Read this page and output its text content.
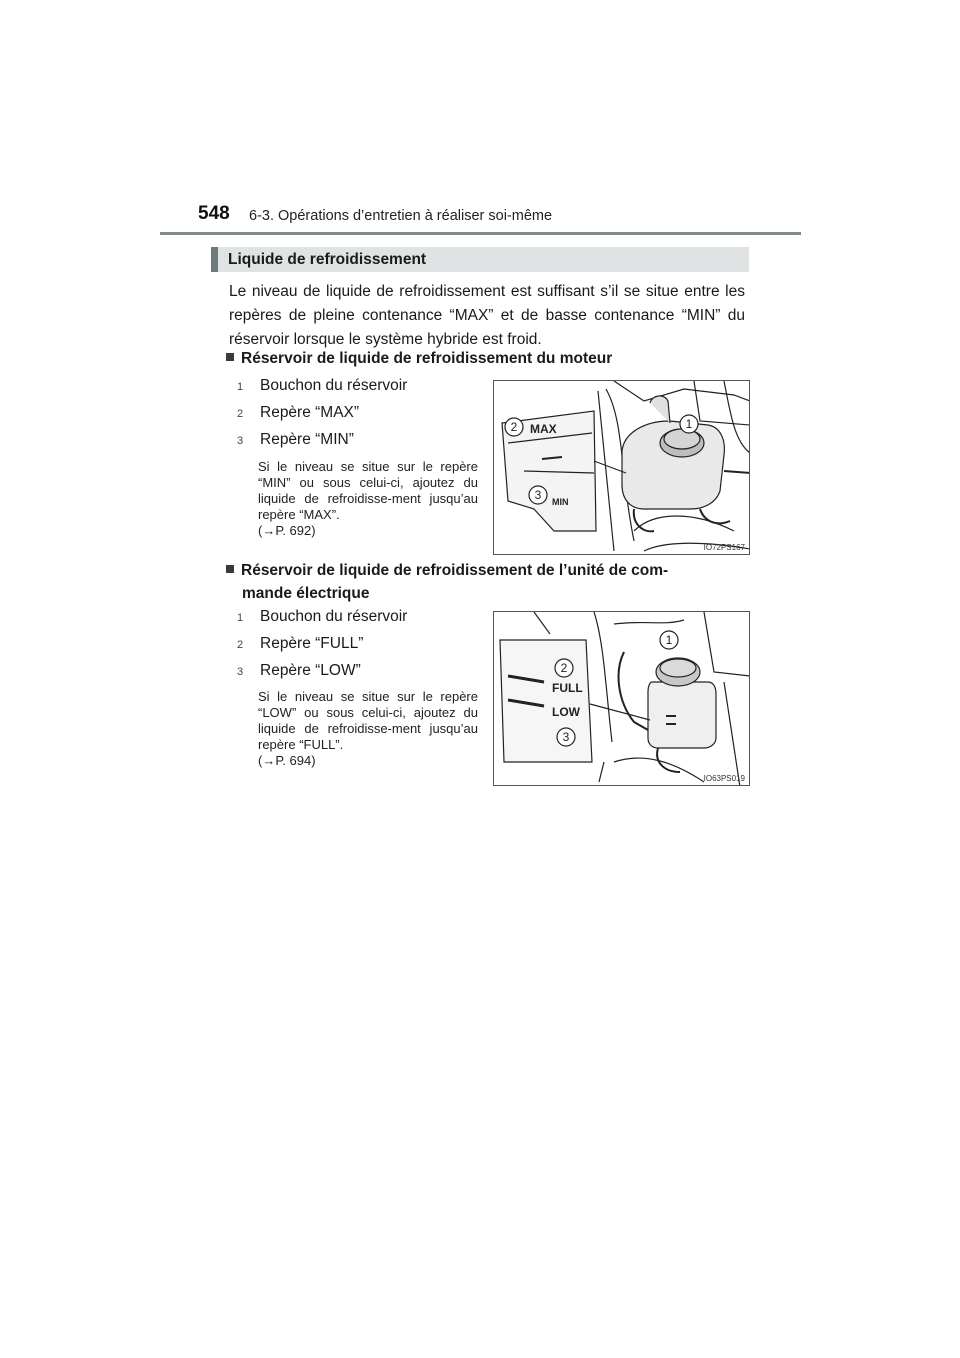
548 6-3. Opérations d’entretien à réaliser soi-même
Liquide de refroidissement

Le niveau de liquide de refroidissement est suffisant s’il se situe entre les repères de pleine contenance “MAX” et de basse contenance “MIN” du réservoir lorsque le système hybride est froid.

Réservoir de liquide de refroidissement du moteur

1 Bouchon du réservoir
2 Repère “MAX”
3 Repère “MIN”

Si le niveau se situe sur le repère “MIN” ou sous celui-ci, ajoutez du liquide de refroidisse-ment jusqu’au repère “MAX”.
(→P. 692)

MAX
MIN
1
2
3
IO72PS167

Réservoir de liquide de refroidissement de l’unité de com-
mande électrique

1 Bouchon du réservoir
2 Repère “FULL”
3 Repère “LOW”

Si le niveau se situe sur le repère “LOW” ou sous celui-ci, ajoutez du liquide de refroidisse-ment jusqu’au repère “FULL”.
(→P. 694)

FULL
LOW
1
2
3
IO63PS019
